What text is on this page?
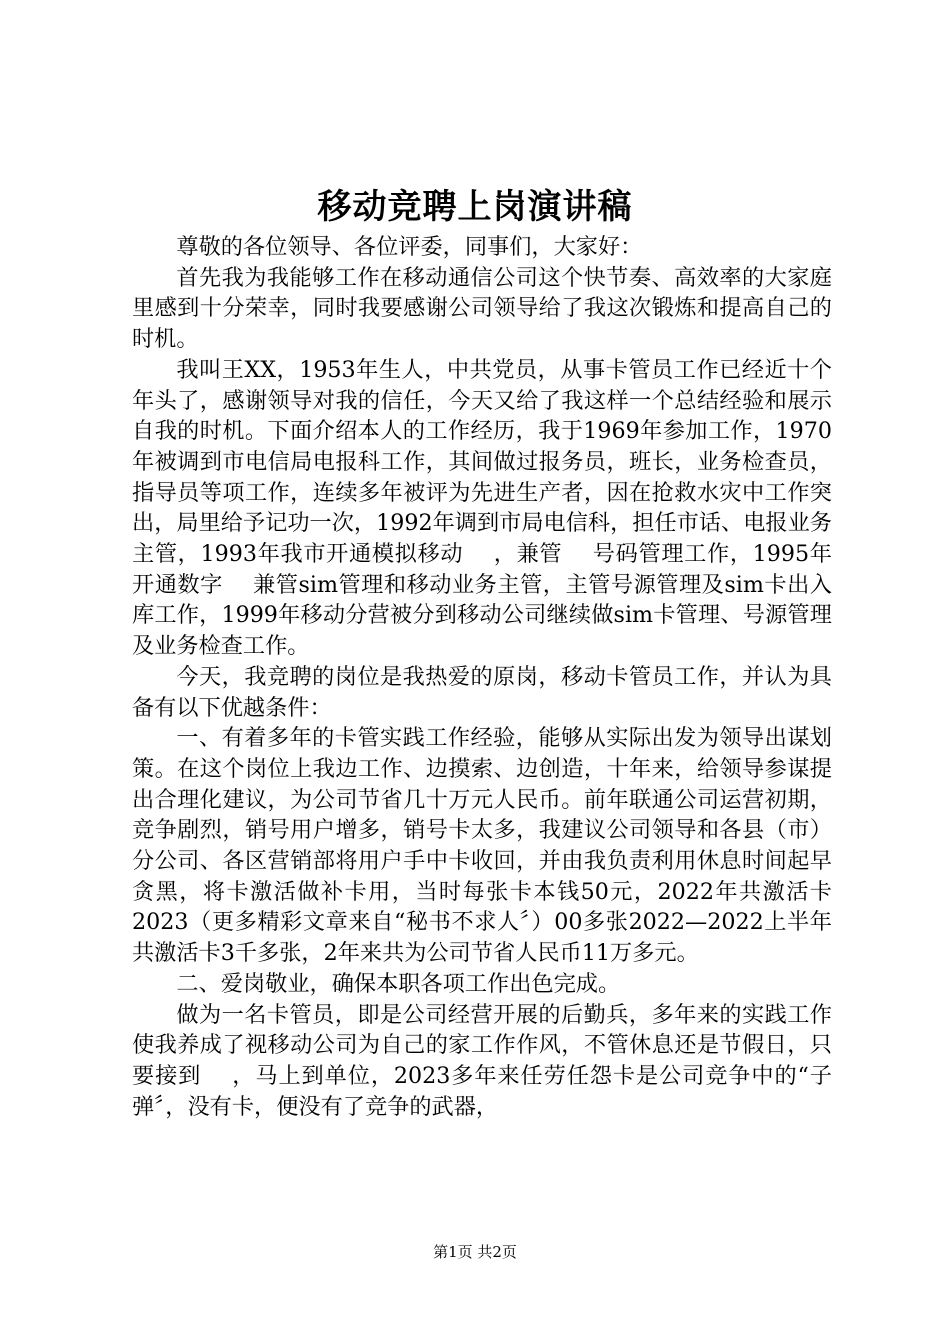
移动竞聘上岗演讲稿

尊敬的各位领导、各位评委，同事们，大家好：

首先我为我能够工作在移动通信公司这个快节奏、高效率的大家庭里感到十分荣幸，同时我要感谢公司领导给了我这次锻炼和提高自己的时机。

我叫王XX，1953年生人，中共党员，从事卡管员工作已经近十个年头了，感谢领导对我的信任，今天又给了我这样一个总结经验和展示自我的时机。下面介绍本人的工作经历，我于1969年参加工作，1970年被调到市电信局电报科工作，其间做过报务员，班长，业务检查员，指导员等项工作，连续多年被评为先进生产者，因在抢救水灾中工作突出，局里给予记功一次，1992年调到市局电信科，担任市话、电报业务主管，1993年我市开通模拟移动　 ，兼管　 号码管理工作，1995年开通数字　 兼管sim管理和移动业务主管，主管号源管理及sim卡出入库工作，1999年移动分营被分到移动公司继续做sim卡管理、号源管理及业务检查工作。

今天，我竞聘的岗位是我热爱的原岗，移动卡管员工作，并认为具备有以下优越条件：

一、有着多年的卡管实践工作经验，能够从实际出发为领导出谋划策。在这个岗位上我边工作、边摸索、边创造，十年来，给领导参谋提出合理化建议，为公司节省几十万元人民币。前年联通公司运营初期，竞争剧烈，销号用户增多，销号卡太多，我建议公司领导和各县（市）分公司、各区营销部将用户手中卡收回，并由我负责利用休息时间起早贪黑，将卡激活做补卡用，当时每张卡本钱50元，2022年共激活卡2023（更多精彩文章来自“秘书不求人〞）00多张2022—2022上半年共激活卡3千多张，2年来共为公司节省人民币11万多元。

二、爱岗敬业，确保本职各项工作出色完成。

做为一名卡管员，即是公司经营开展的后勤兵，多年来的实践工作使我养成了视移动公司为自己的家工作作风，不管休息还是节假日，只要接到　 ，马上到单位，2023多年来任劳任怨卡是公司竞争中的“子弹〞，没有卡，便没有了竞争的武器，

第1页 共2页
